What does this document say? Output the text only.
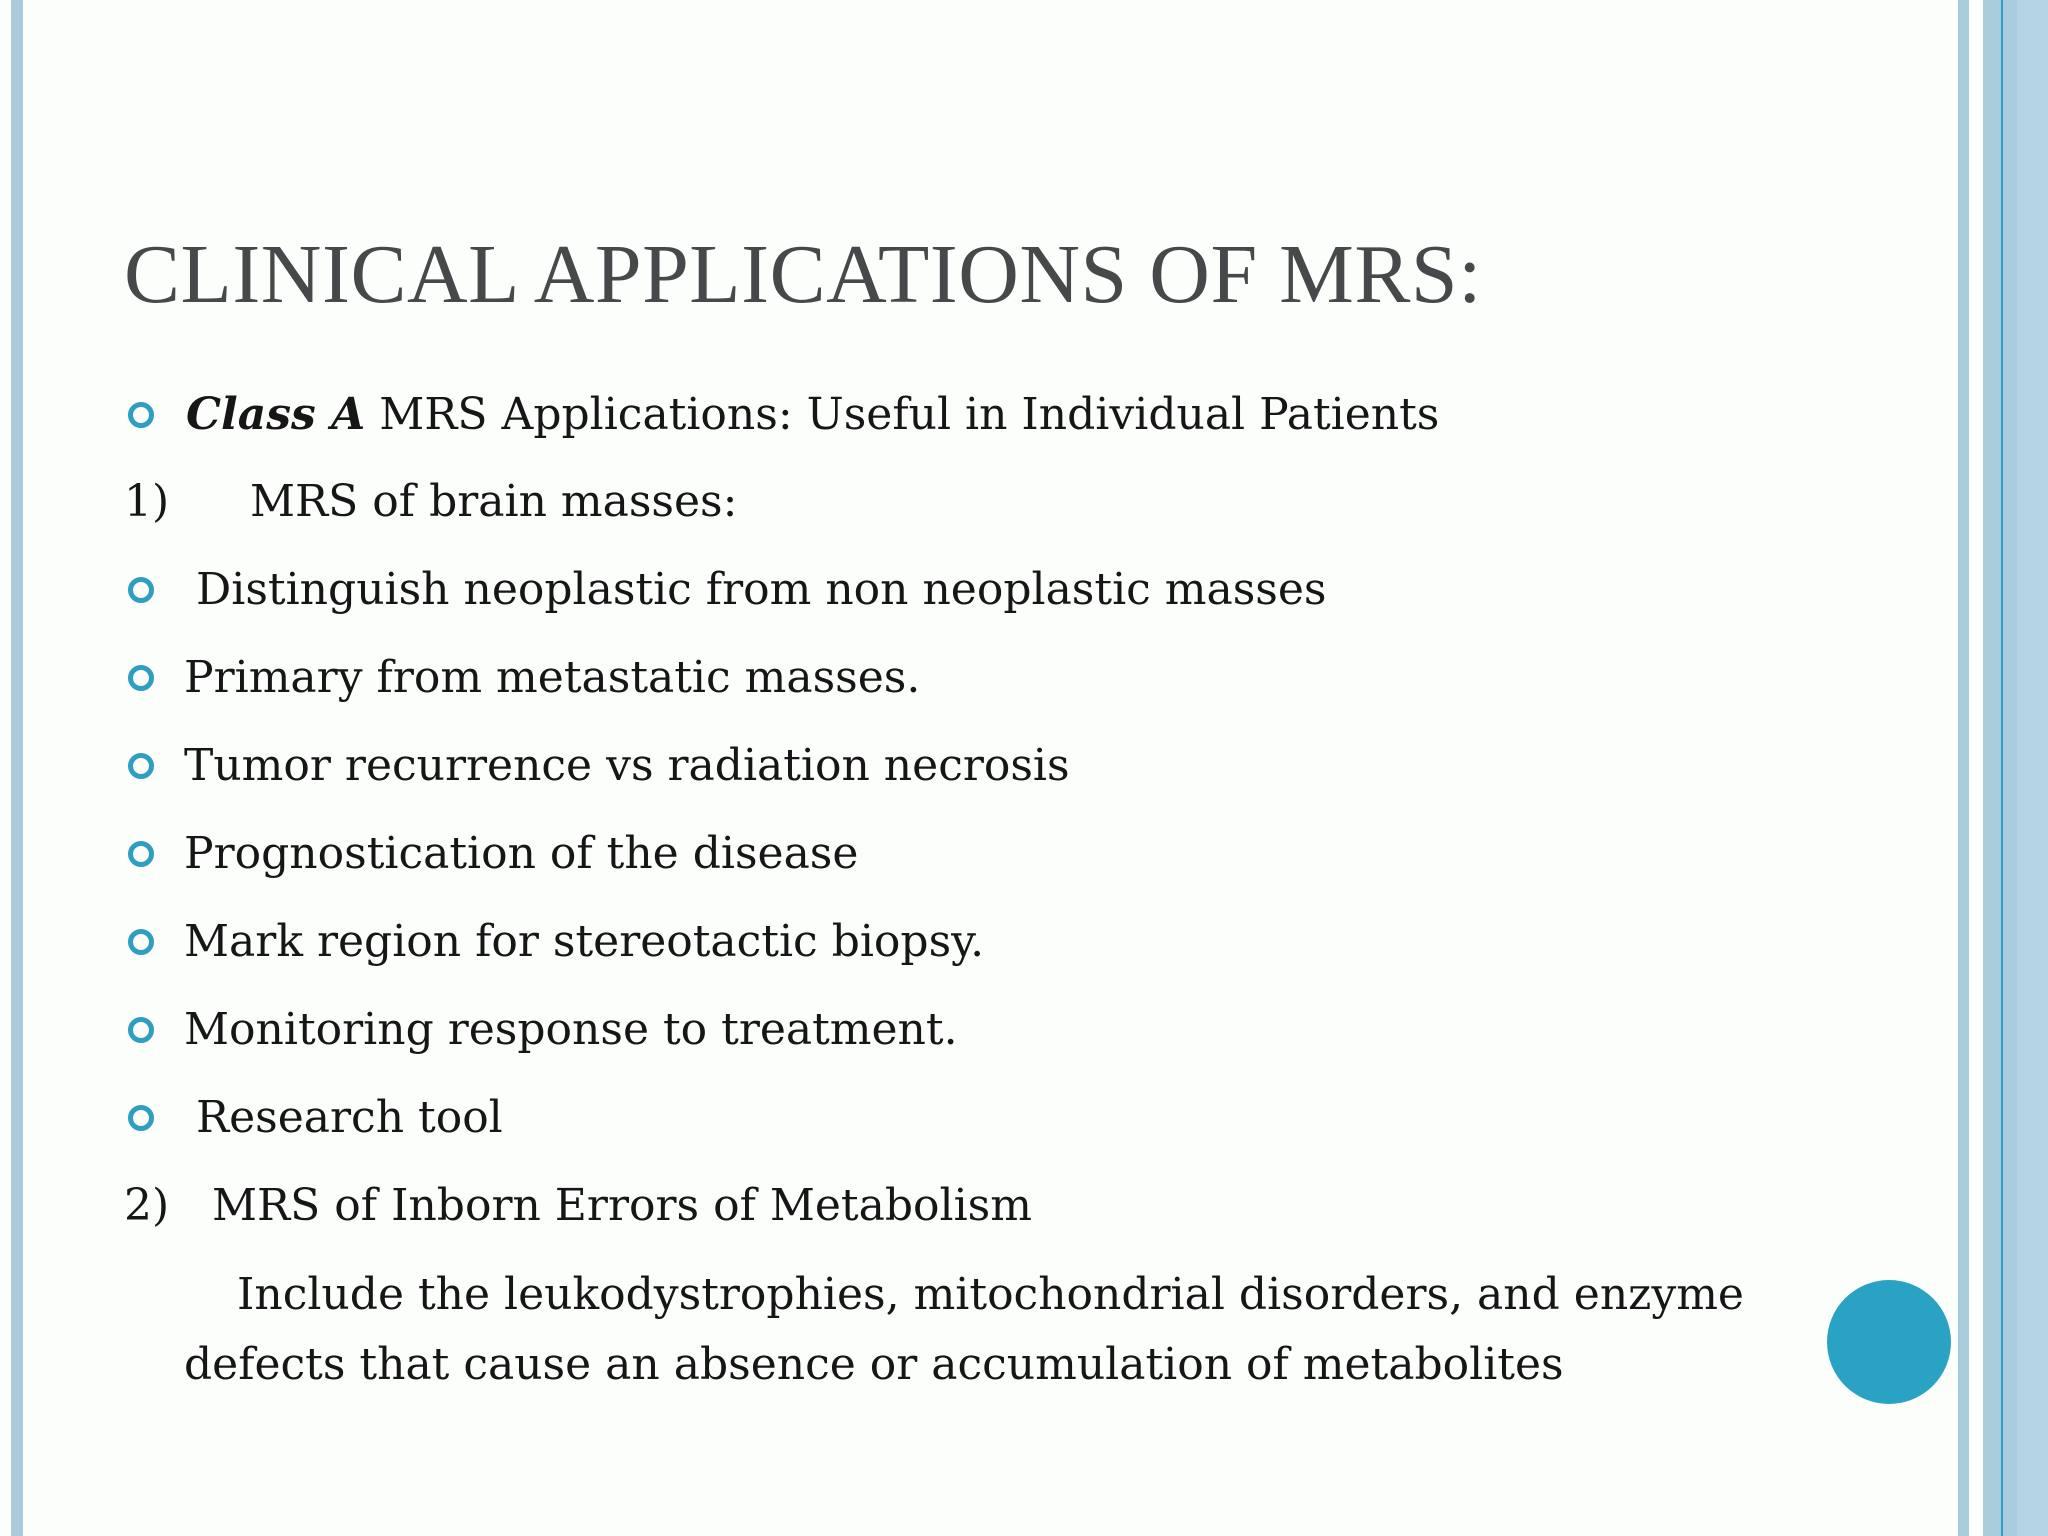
CLINICAL APPLICATIONS OF MRS:
Class A MRS Applications: Useful in Individual Patients
1) MRS of brain masses:
Distinguish neoplastic from non neoplastic masses
Primary from metastatic masses.
Tumor recurrence vs radiation necrosis
Prognostication of the disease
Mark region for stereotactic biopsy.
Monitoring response to treatment.
Research tool
2) MRS of Inborn Errors of Metabolism
Include the leukodystrophies, mitochondrial disorders, and enzyme defects that cause an absence or accumulation of metabolites
